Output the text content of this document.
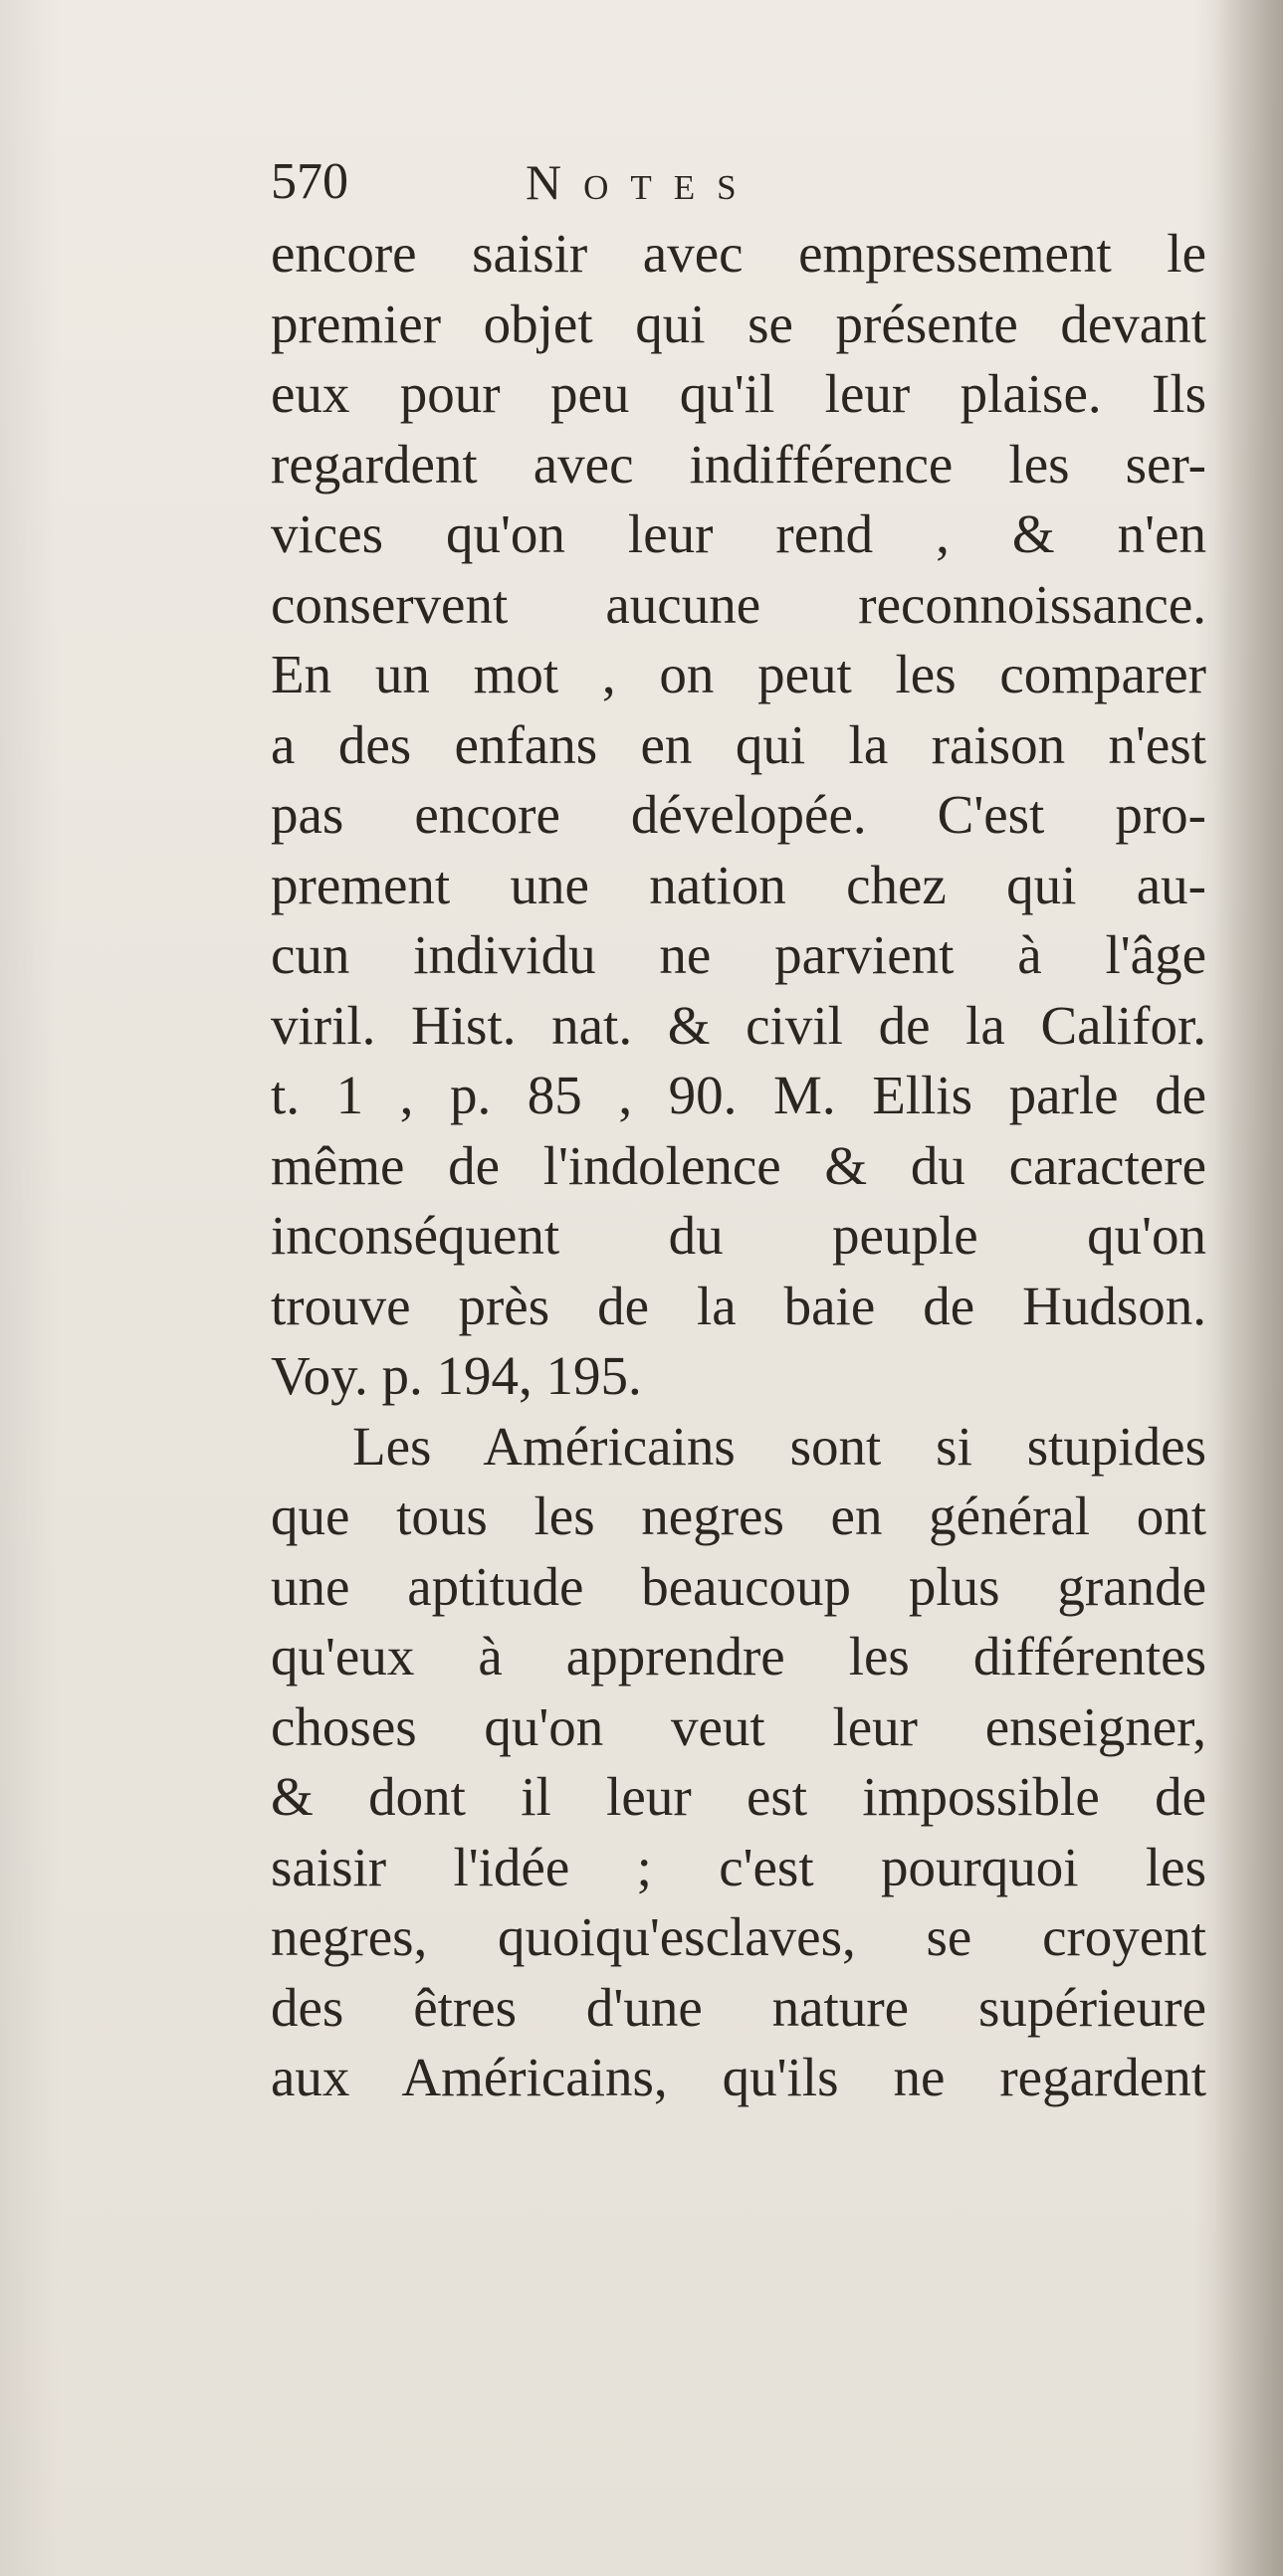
570	Notes
encore saisir avec empressement le
premier objet qui se présente devant
eux pour peu qu'il leur plaise. Ils
regardent avec indifférence les ser-
vices qu'on leur rend , & n'en
conservent aucune reconnoissance.
En un mot , on peut les comparer
a des enfans en qui la raison n'est
pas encore dévelopée. C'est pro-
prement une nation chez qui au-
cun individu ne parvient à l'âge
viril. Hist. nat. & civil de la Califor.
t. 1 , p. 85 , 90. M. Ellis parle de
même de l'indolence & du caractere
inconséquent du peuple qu'on
trouve près de la baie de Hudson.
Voy. p. 194, 195.
Les Américains sont si stupides
que tous les negres en général ont
une aptitude beaucoup plus grande
qu'eux à apprendre les différentes
choses qu'on veut leur enseigner,
& dont il leur est impossible de
saisir l'idée ; c'est pourquoi les
negres, quoiqu'esclaves, se croyent
des êtres d'une nature supérieure
aux Américains, qu'ils ne regardent
